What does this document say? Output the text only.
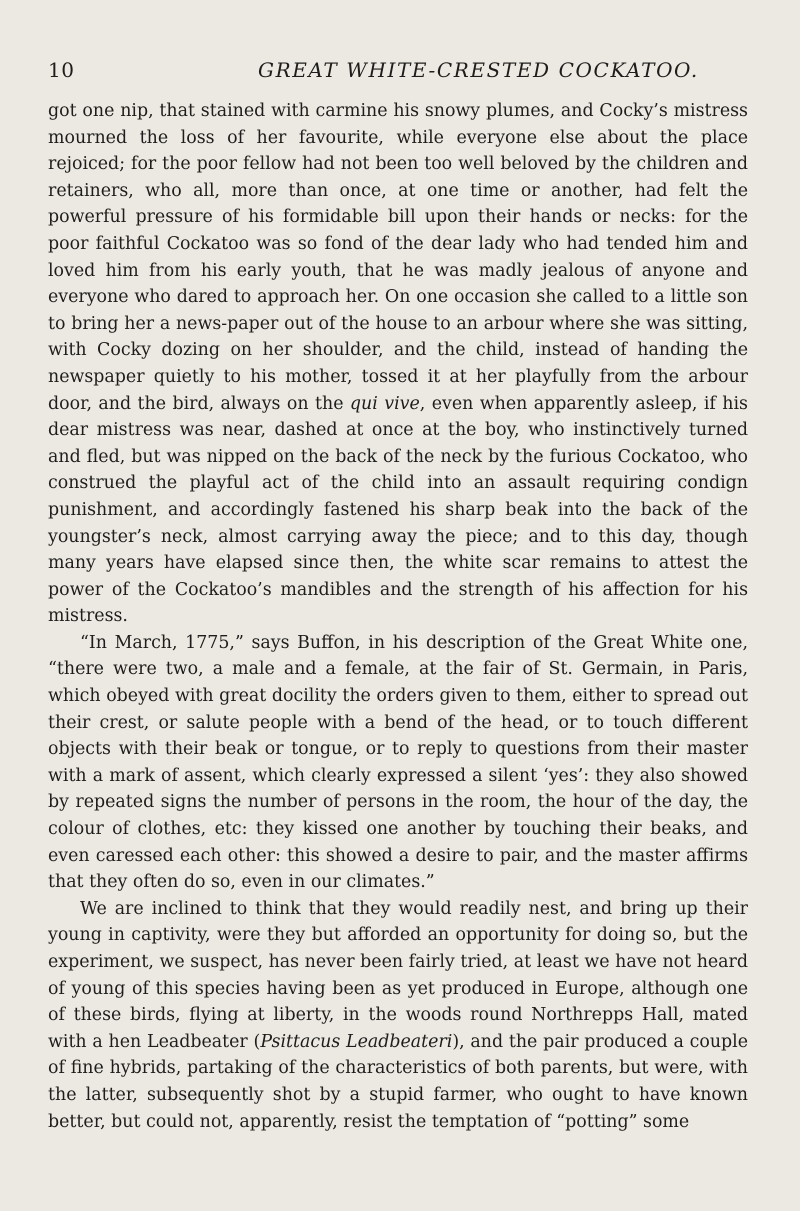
10	GREAT WHITE-CRESTED COCKATOO.

got one nip, that stained with carmine his snowy plumes, and Cocky’s mistress mourned the loss of her favourite, while everyone else about the place rejoiced; for the poor fellow had not been too well beloved by the children and retainers, who all, more than once, at one time or another, had felt the powerful pressure of his formidable bill upon their hands or necks: for the poor faithful Cockatoo was so fond of the dear lady who had tended him and loved him from his early youth, that he was madly jealous of anyone and everyone who dared to approach her. On one occasion she called to a little son to bring her a news-paper out of the house to an arbour where she was sitting, with Cocky dozing on her shoulder, and the child, instead of handing the newspaper quietly to his mother, tossed it at her playfully from the arbour door, and the bird, always on the qui vive, even when apparently asleep, if his dear mistress was near, dashed at once at the boy, who instinctively turned and fled, but was nipped on the back of the neck by the furious Cockatoo, who construed the playful act of the child into an assault requiring condign punishment, and accordingly fastened his sharp beak into the back of the youngster’s neck, almost carrying away the piece; and to this day, though many years have elapsed since then, the white scar remains to attest the power of the Cockatoo’s mandibles and the strength of his affection for his mistress.

“In March, 1775,” says Buffon, in his description of the Great White one, “there were two, a male and a female, at the fair of St. Germain, in Paris, which obeyed with great docility the orders given to them, either to spread out their crest, or salute people with a bend of the head, or to touch different objects with their beak or tongue, or to reply to questions from their master with a mark of assent, which clearly expressed a silent ‘yes’: they also showed by repeated signs the number of persons in the room, the hour of the day, the colour of clothes, etc: they kissed one another by touching their beaks, and even caressed each other: this showed a desire to pair, and the master affirms that they often do so, even in our climates.”

We are inclined to think that they would readily nest, and bring up their young in captivity, were they but afforded an opportunity for doing so, but the experiment, we suspect, has never been fairly tried, at least we have not heard of young of this species having been as yet produced in Europe, although one of these birds, flying at liberty, in the woods round Northrepps Hall, mated with a hen Leadbeater (Psittacus Leadbeateri), and the pair produced a couple of fine hybrids, partaking of the characteristics of both parents, but were, with the latter, subsequently shot by a stupid farmer, who ought to have known better, but could not, apparently, resist the temptation of “potting” some
